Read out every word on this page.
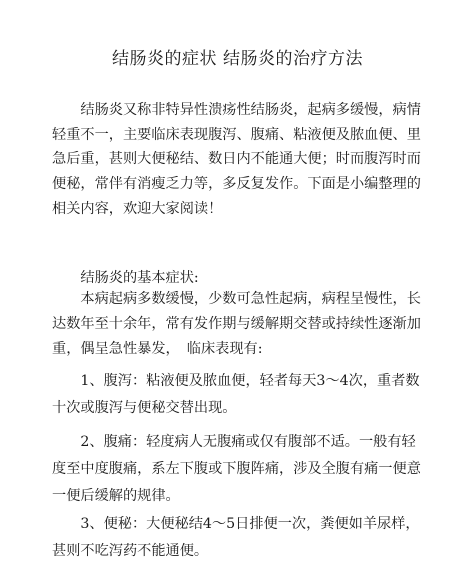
结肠炎的症状 结肠炎的治疗方法
　　结肠炎又称非特异性溃疡性结肠炎，起病多缓慢，病情
轻重不一，主要临床表现腹泻、腹痛、粘液便及脓血便、里
急后重，甚则大便秘结、数日内不能通大便；时而腹泻时而
便秘，常伴有消瘦乏力等，多反复发作。下面是小编整理的
相关内容，欢迎大家阅读！
　　结肠炎的基本症状:
　　本病起病多数缓慢，少数可急性起病，病程呈慢性，长
达数年至十余年，常有发作期与缓解期交替或持续性逐渐加
重，偶呈急性暴发，　临床表现有:
　　1、腹泻：粘液便及脓血便，轻者每天3～4次，重者数
十次或腹泻与便秘交替出现。
　　2、腹痛：轻度病人无腹痛或仅有腹部不适。一般有轻
度至中度腹痛，系左下腹或下腹阵痛，涉及全腹有痛一便意
一便后缓解的规律。
　　3、便秘：大便秘结4～5日排便一次，粪便如羊尿样，
甚则不吃泻药不能通便。
